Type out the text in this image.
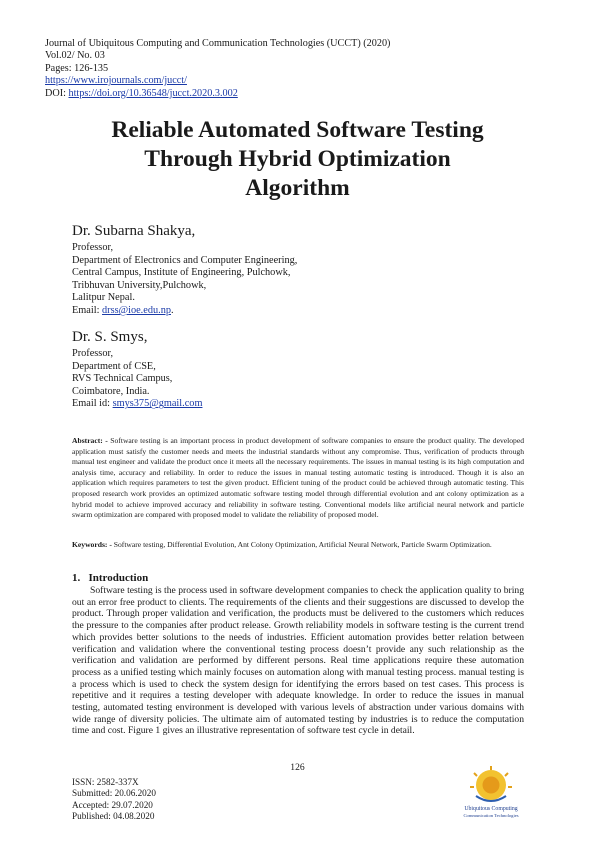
Journal of Ubiquitous Computing and Communication Technologies (UCCT) (2020)
Vol.02/ No. 03
Pages: 126-135
https://www.irojournals.com/jucct/
DOI: https://doi.org/10.36548/jucct.2020.3.002
Reliable Automated Software Testing
Through Hybrid Optimization
Algorithm
Dr. Subarna Shakya,
Professor,
Department of Electronics and Computer Engineering,
Central Campus, Institute of Engineering, Pulchowk,
Tribhuvan University,Pulchowk,
Lalitpur Nepal.
Email: drss@ioe.edu.np.
Dr. S. Smys,
Professor,
Department of CSE,
RVS Technical Campus,
Coimbatore, India.
Email id: smys375@gmail.com
Abstract: - Software testing is an important process in product development of software companies to ensure the product quality. The developed application must satisfy the customer needs and meets the industrial standards without any compromise. Thus, verification of products through manual test engineer and validate the product once it meets all the necessary requirements. The issues in manual testing is its high computation and analysis time, accuracy and reliability. In order to reduce the issues in manual testing automatic testing is introduced. Though it is also an application which requires parameters to test the given product. Efficient tuning of the product could be achieved through automatic testing. This proposed research work provides an optimized automatic software testing model through differential evolution and ant colony optimization as a hybrid model to achieve improved accuracy and reliability in software testing. Conventional models like artificial neural network and particle swarm optimization are compared with proposed model to validate the reliability of proposed model.
Keywords: - Software testing, Differential Evolution, Ant Colony Optimization, Artificial Neural Network, Particle Swarm Optimization.
1.   Introduction
Software testing is the process used in software development companies to check the application quality to bring out an error free product to clients. The requirements of the clients and their suggestions are discussed to develop the product. Through proper validation and verification, the products must be delivered to the customers which reduces the pressure to the companies after product release. Growth reliability models in software testing is the current trend which provides better solutions to the needs of industries. Efficient automation provides better relation between verification and validation where the conventional testing process doesn’t provide any such relationship as the verification and validation are performed by different persons. Real time applications require these automation process as a unified testing which mainly focuses on automation along with manual testing process. manual testing is a process which is used to check the system design for identifying the errors based on test cases. This process is repetitive and it requires a testing developer with adequate knowledge. In order to reduce the issues in manual testing, automated testing environment is developed with various levels of abstraction under various domains with wide range of diversity policies. The ultimate aim of automated testing by industries is to reduce the computation time and cost. Figure 1 gives an illustrative representation of software test cycle in detail.
126
ISSN: 2582-337X
Submitted: 20.06.2020
Accepted: 29.07.2020
Published: 04.08.2020
Ubiquitous Computing
Communication Technologies
